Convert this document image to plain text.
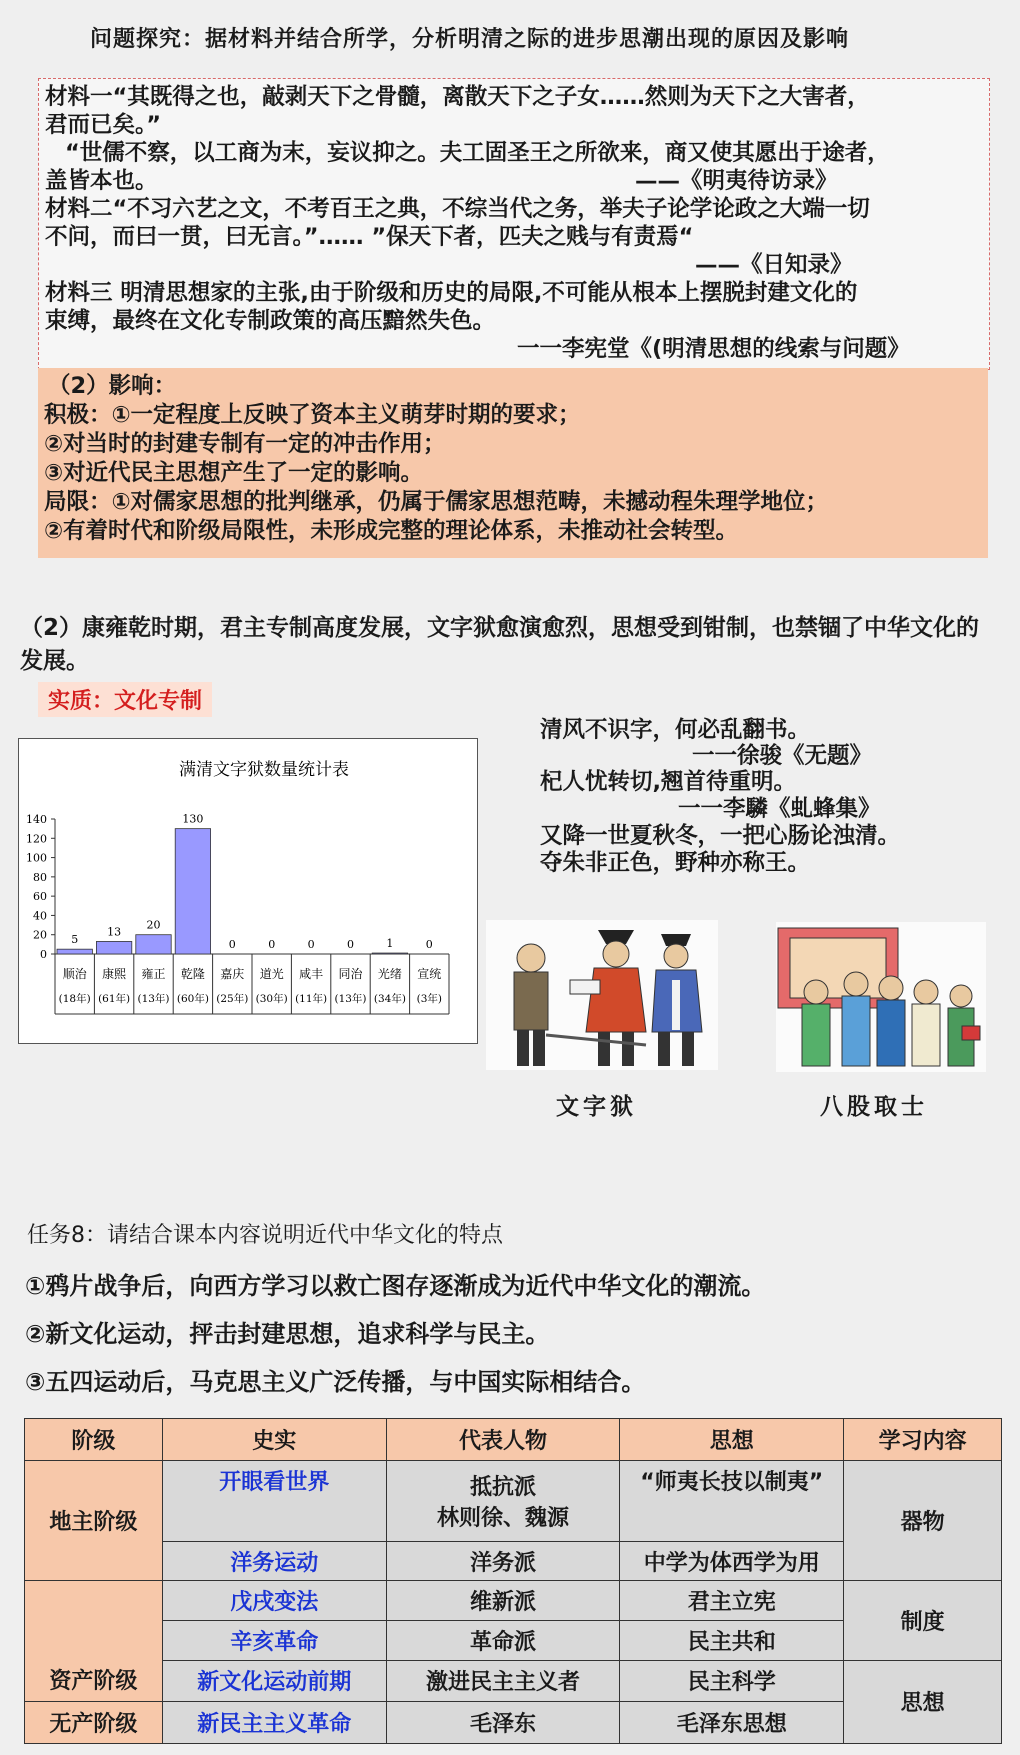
问题探究：据材料并结合所学，分析明清之际的进步思潮出现的原因及影响
材料一“其既得之也，敲剥天下之骨髓，离散天下之子女……然则为天下之大害者，
君而已矣。”
“世儒不察，以工商为末，妄议抑之。夫工固圣王之所欲来，商又使其愿出于途者，
盖皆本也。	——《明夷待访录》
材料二“不习六艺之文，不考百王之典，不综当代之务，举夫子论学论政之大端一切
不问，而曰一贯，曰无言。”…… ”保天下者，匹夫之贱与有责焉“
——《日知录》
材料三 明清思想家的主张,由于阶级和历史的局限,不可能从根本上摆脱封建文化的
束缚，最终在文化专制政策的高压黯然失色。
一一李宪堂《(明清思想的线索与问题》
（2）影响：
积极：①一定程度上反映了资本主义萌芽时期的要求；
②对当时的封建专制有一定的冲击作用；
③对近代民主思想产生了一定的影响。
局限：①对儒家思想的批判继承，仍属于儒家思想范畴，未撼动程朱理学地位；
②有着时代和阶级局限性，未形成完整的理论体系，未推动社会转型。
（2）康雍乾时期，君主专制高度发展，文字狱愈演愈烈，思想受到钳制，也禁锢了中华文化的发展。
实质：文化专制
满清文字狱数量统计表
0
20
40
60
80
100
120
140
5
顺治
(18年)
13
康熙
(61年)
20
雍正
(13年)
130
乾隆
(60年)
0
嘉庆
(25年)
0
道光
(30年)
0
咸丰
(11年)
0
同治
(13年)
1
光绪
(34年)
0
宣统
(3年)
清风不识字，何必乱翻书。
一一徐骏《无题》
杞人忧转切,翘首待重明。
一一李驎《虬蜂集》
又降一世夏秋冬，一把心肠论浊清。
夺朱非正色，野种亦称王。
文字狱	八股取士
任务8：请结合课本内容说明近代中华文化的特点
①鸦片战争后，向西方学习以救亡图存逐渐成为近代中华文化的潮流。
②新文化运动，抨击封建思想，追求科学与民主。
③五四运动后，马克思主义广泛传播，与中国实际相结合。
阶级	史实	代表人物	思想	学习内容
地主阶级	开眼看世界	抵抗派
林则徐、魏源	“师夷长技以制夷”	器物
	洋务运动	洋务派	中学为体西学为用	
资产阶级	戊戌变法	维新派	君主立宪	制度
	辛亥革命	革命派	民主共和	
	新文化运动前期	激进民主主义者	民主科学	思想
无产阶级	新民主主义革命	毛泽东	毛泽东思想	
